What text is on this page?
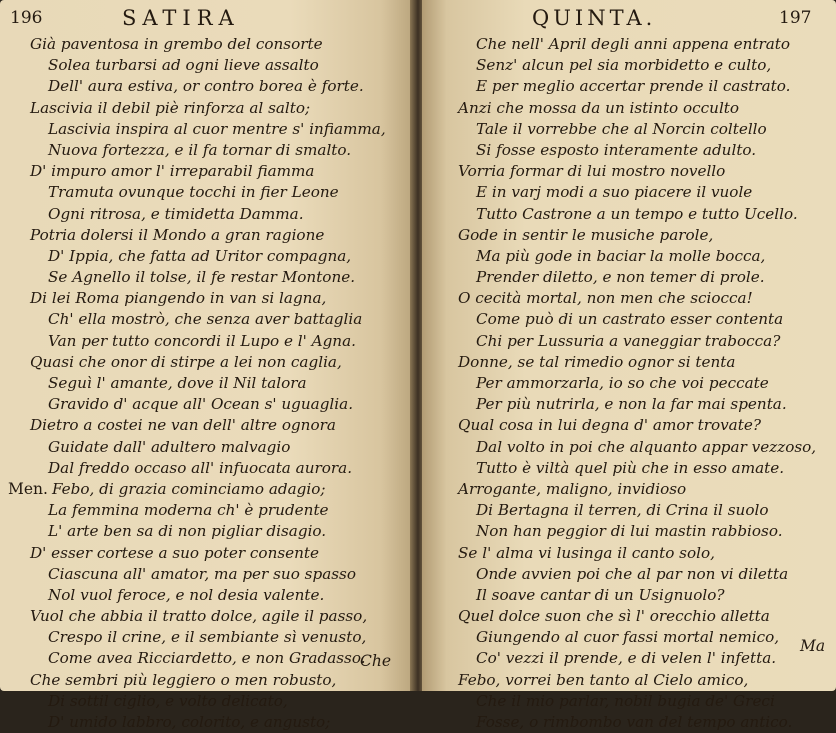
196	SATIRA
Già paventosa in grembo del consorte
Solea turbarsi ad ogni lieve assalto
Dell' aura estiva, or contro borea è forte.
Lascivia il debil piè rinforza al salto;
Lascivia inspira al cuor mentre s' infiamma,
Nuova fortezza, e il fa tornar di smalto.
D' impuro amor l' irreparabil fiamma
Tramuta ovunque tocchi in fier Leone
Ogni ritrosa, e timidetta Damma.
Potria dolersi il Mondo a gran ragione
D' Ippia, che fatta ad Uritor compagna,
Se Agnello il tolse, il fe restar Montone.
Di lei Roma piangendo in van si lagna,
Ch' ella mostrò, che senza aver battaglia
Van per tutto concordi il Lupo e l' Agna.
Quasi che onor di stirpe a lei non caglia,
Seguì l' amante, dove il Nil talora
Gravido d' acque all' Ocean s' uguaglia.
Dietro a costei ne van dell' altre ognora
Guidate dall' adultero malvagio
Dal freddo occaso all' infuocata aurora.
Men. Febo, di grazia cominciamo adagio;
La femmina moderna ch' è prudente
L' arte ben sa di non pigliar disagio.
D' esser cortese a suo poter consente
Ciascuna all' amator, ma per suo spasso
Nol vuol feroce, e nol desia valente.
Vuol che abbia il tratto dolce, agile il passo,
Crespo il crine, e il sembiante sì venusto,
Come avea Ricciardetto, e non Gradasso.
Che sembri più leggiero o men robusto,
Di sottil ciglio, e volto delicato,
D' umido labbro, colorito, e angusto;
Che
QUINTA.	197
Che nell' April degli anni appena entrato
Senz' alcun pel sia morbidetto e culto,
E per meglio accertar prende il castrato.
Anzi che mossa da un istinto occulto
Tale il vorrebbe che al Norcin coltello
Si fosse esposto interamente adulto.
Vorria formar di lui mostro novello
E in varj modi a suo piacere il vuole
Tutto Castrone a un tempo e tutto Ucello.
Gode in sentir le musiche parole,
Ma più gode in baciar la molle bocca,
Prender diletto, e non temer di prole.
O cecità mortal, non men che sciocca!
Come può di un castrato esser contenta
Chi per Lussuria a vaneggiar trabocca?
Donne, se tal rimedio ognor si tenta
Per ammorzarla, io so che voi peccate
Per più nutrirla, e non la far mai spenta.
Qual cosa in lui degna d' amor trovate?
Dal volto in poi che alquanto appar vezzoso,
Tutto è viltà quel più che in esso amate.
Arrogante, maligno, invidioso
Di Bertagna il terren, di Crina il suolo
Non han peggior di lui mastin rabbioso.
Se l' alma vi lusinga il canto solo,
Onde avvien poi che al par non vi diletta
Il soave cantar di un Usignuolo?
Quel dolce suon che sì l' orecchio alletta
Giungendo al cuor fassi mortal nemico,
Co' vezzi il prende, e di velen l' infetta.
Febo, vorrei ben tanto al Cielo amico,
Che il mio parlar, nobil bugia de' Greci
Fosse, o rimbombo van del tempo antico.
Ma
